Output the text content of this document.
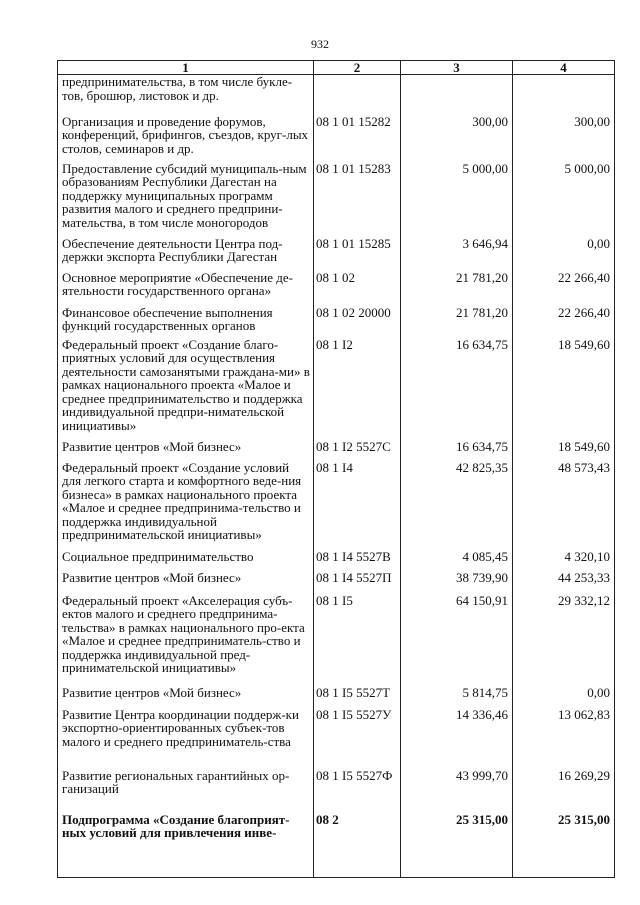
932
1	2	3	4
предпринимательства, в том числе букле-тов, брошюр, листовок и др.			
Организация и проведение форумов, конференций, брифингов, съездов, круг-лых столов, семинаров и др.	08 1 01 15282	300,00	300,00
Предоставление субсидий муниципаль-ным образованиям Республики Дагестан на поддержку муниципальных программ развития малого и среднего предприни-мательства, в том числе моногородов	08 1 01 15283	5 000,00	5 000,00
Обеспечение деятельности Центра под-держки экспорта Республики Дагестан	08 1 01 15285	3 646,94	0,00
Основное мероприятие «Обеспечение де-ятельности государственного органа»	08 1 02	21 781,20	22 266,40
Финансовое обеспечение выполнения функций государственных органов	08 1 02 20000	21 781,20	22 266,40
Федеральный проект «Создание благо-приятных условий для осуществления деятельности самозанятыми граждана-ми» в рамках национального проекта «Малое и среднее предпринимательство и поддержка индивидуальной предпри-нимательской инициативы»	08 1 I2	16 634,75	18 549,60
Развитие центров «Мой бизнес»	08 1 I2 5527С	16 634,75	18 549,60
Федеральный проект «Создание условий для легкого старта и комфортного веде-ния бизнеса» в рамках национального проекта «Малое и среднее предпринима-тельство и поддержка индивидуальной предпринимательской инициативы»	08 1 I4	42 825,35	48 573,43
Социальное предпринимательство	08 1 I4 5527В	4 085,45	4 320,10
Развитие центров «Мой бизнес»	08 1 I4 5527П	38 739,90	44 253,33
Федеральный проект «Акселерация субъ-ектов малого и среднего предпринима-тельства» в рамках национального про-екта «Малое и среднее предприниматель-ство и поддержка индивидуальной пред-принимательской инициативы»	08 1 I5	64 150,91	29 332,12
Развитие центров «Мой бизнес»	08 1 I5 5527Т	5 814,75	0,00
Развитие Центра координации поддерж-ки экспортно-ориентированных субъек-тов малого и среднего предприниматель-ства	08 1 I5 5527У	14 336,46	13 062,83
Развитие региональных гарантийных ор-ганизаций	08 1 I5 5527Ф	43 999,70	16 269,29
Подпрограмма «Создание благоприят-ных условий для привлечения инве-	08 2	25 315,00	25 315,00
